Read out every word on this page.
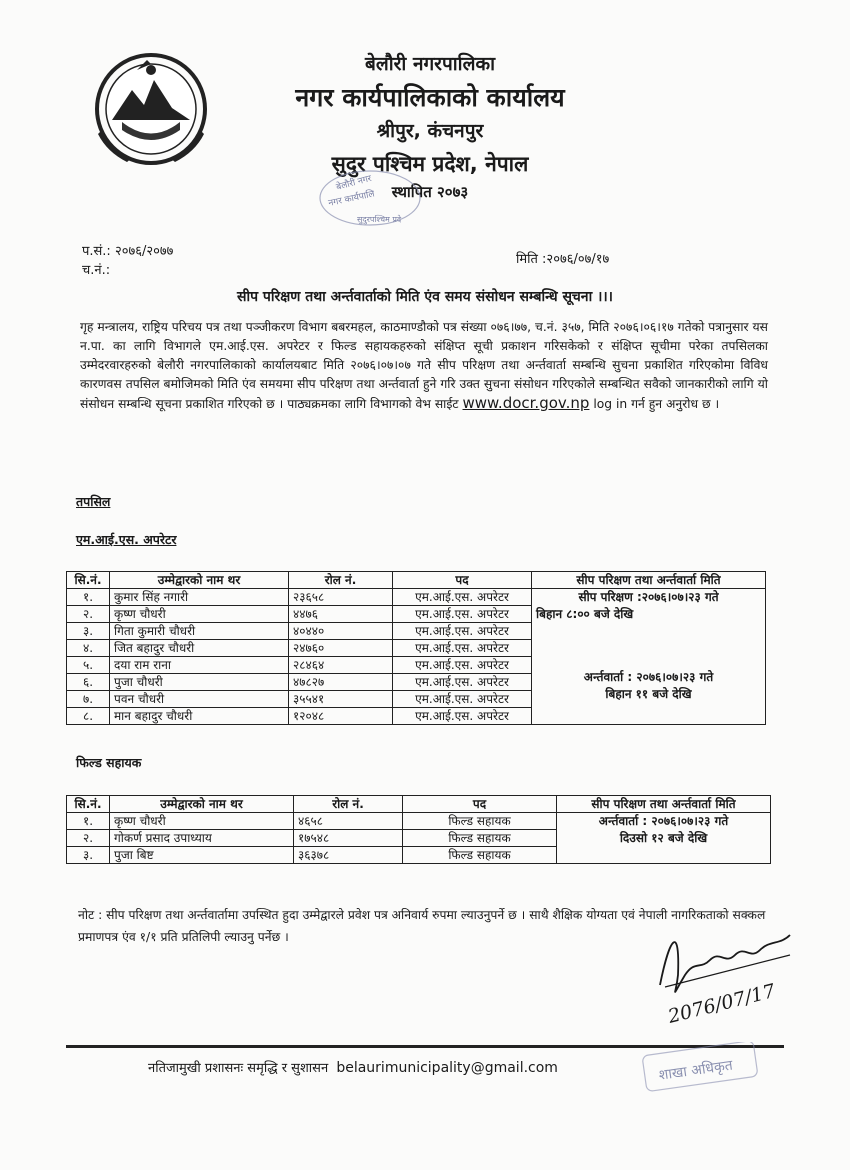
बेलौरी नगरपालिका
नगर कार्यपालिकाको कार्यालय
श्रीपुर, कंचनपुर
सुदुर पश्चिम प्रदेश, नेपाल
स्थापित २०७३
बेलौरी नगर
नगर कार्यपालि
सुदुरपश्चिम प्रदे
प.सं.: २०७६/२०७७
च.नं.:
मिति :२०७६/०७/१७
सीप परिक्षण तथा अर्न्तवार्ताको मिति एंव समय संसोधन सम्बन्धि सूचना ।।।
गृह मन्त्रालय, राष्ट्रिय परिचय पत्र तथा पञ्जीकरण विभाग बबरमहल, काठमाण्डौको पत्र संख्या ०७६।७७, च.नं. ३५७, मिति २०७६।०६।१७ गतेको पत्रानुसार यस न.पा. का लागि विभागले एम.आई.एस. अपरेटर र फिल्ड सहायकहरुको संक्षिप्त सूची प्रकाशन गरिसकेको र संक्षिप्त सूचीमा परेका तपसिलका उम्मेदरवारहरुको बेलौरी नगरपालिकाको कार्यालयबाट मिति २०७६।०७।०७ गते सीप परिक्षण तथा अर्न्तवार्ता सम्बन्धि सुचना प्रकाशित गरिएकोमा विविध कारणवस तपसिल बमोजिमको मिति एंव समयमा सीप परिक्षण तथा अर्न्तवार्ता हुने गरि उक्त सुचना संसोधन गरिएकोले सम्बन्धित सवैको जानकारीको लागि यो संसोधन सम्बन्धि सूचना प्रकाशित गरिएको छ । पाठ्यक्रमका लागि विभागको वेभ साईट www.docr.gov.np log in गर्न हुन अनुरोध छ ।
तपसिल
एम.आई.एस. अपरेटर
सि.नं.	उम्मेद्वारको नाम थर	रोल नं.	पद	सीप परिक्षण तथा अर्न्तवार्ता मिति
१.	कुमार सिंह नगारी	२३६५८	एम.आई.एस. अपरेटर	सीप परिक्षण :२०७६।०७।२३ गते
बिहान ८:०० बजे देखि
अर्न्तवार्ता : २०७६।०७।२३ गते
बिहान ११ बजे देखि

२.	कृष्ण चौधरी	४४७६	एम.आई.एस. अपरेटर	
३.	गिता कुमारी चौधरी	४०४४०	एम.आई.एस. अपरेटर	
४.	जित बहादुर चौधरी	२४७६०	एम.आई.एस. अपरेटर	
५.	दया राम राना	२८४६४	एम.आई.एस. अपरेटर	
६.	पुजा चौधरी	४७८२७	एम.आई.एस. अपरेटर	
७.	पवन चौधरी	३५५४१	एम.आई.एस. अपरेटर	
८.	मान बहादुर चौधरी	१२०४८	एम.आई.एस. अपरेटर	
फिल्ड सहायक
सि.नं.	उम्मेद्वारको नाम थर	रोल नं.	पद	सीप परिक्षण तथा अर्न्तवार्ता मिति
१.	कृष्ण चौधरी	४६५८	फिल्ड सहायक	अर्न्तवार्ता : २०७६।०७।२३ गते
दिउसो १२ बजे देखि

२.	गोकर्ण प्रसाद उपाध्याय	१७५४८	फिल्ड सहायक	
३.	पुजा बिष्ट	३६३७८	फिल्ड सहायक	
नोट : सीप परिक्षण तथा अर्न्तवार्तामा उपस्थित हुदा उम्मेद्वारले प्रवेश पत्र अनिवार्य रुपमा ल्याउनुपर्ने छ । साथै शैक्षिक योग्यता एवं नेपाली नागरिकताको सक्कल प्रमाणपत्र एंव १/१ प्रति प्रतिलिपी ल्याउनु पर्नेछ ।
2076/07/17
नतिजामुखी प्रशासनः समृद्धि र सुशासन belaurimunicipality@gmail.com	शाखा अधिकृत
